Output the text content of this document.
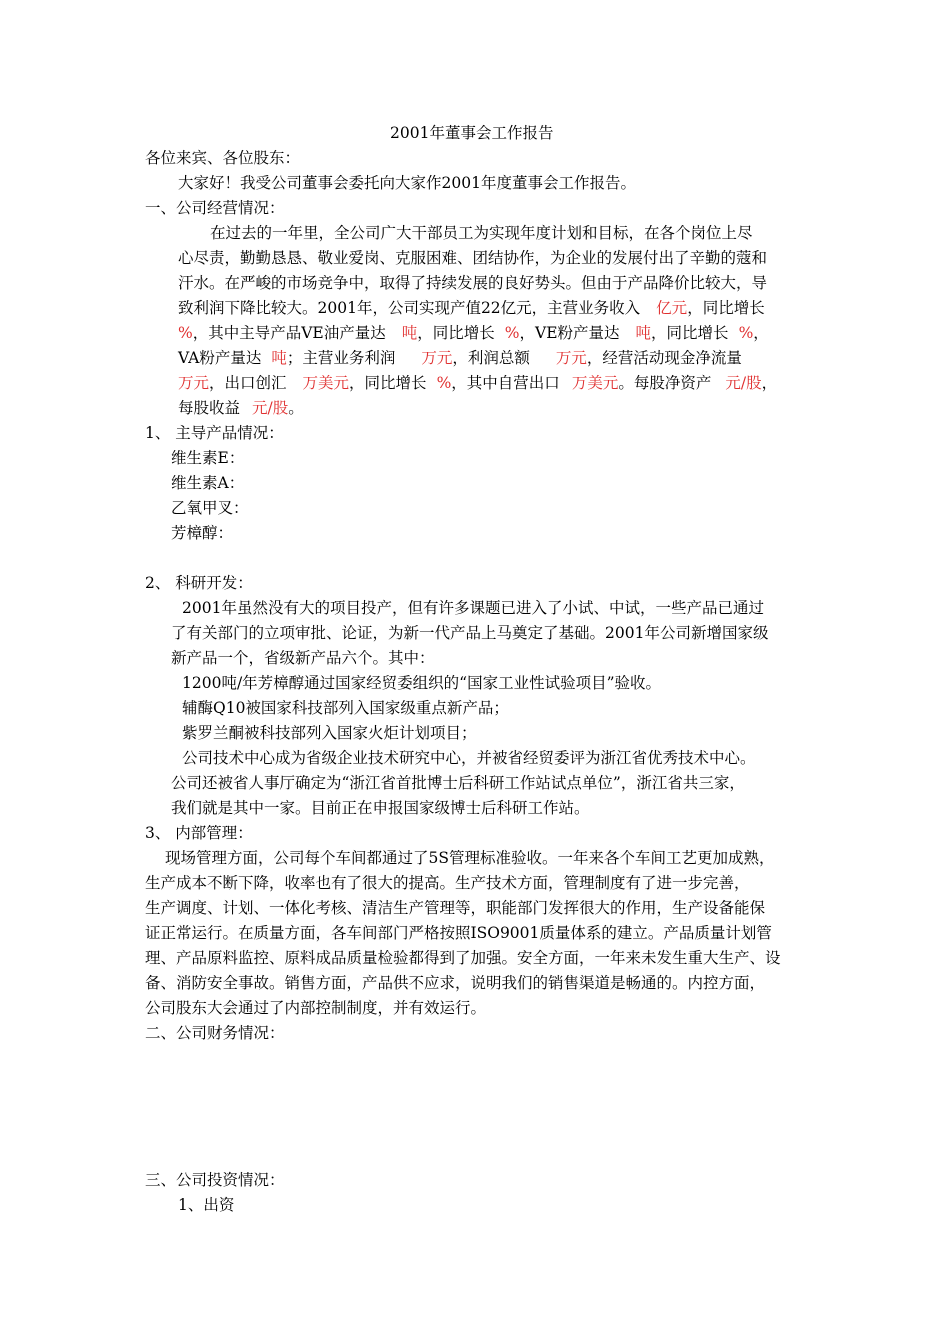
2001年董事会工作报告
各位来宾、各位股东：
大家好！我受公司董事会委托向大家作2001年度董事会工作报告。
一、公司经营情况：
在过去的一年里，全公司广大干部员工为实现年度计划和目标，在各个岗位上尽
心尽责，勤勤恳恳、敬业爱岗、克服困难、团结协作，为企业的发展付出了辛勤的蔻和
汗水。在严峻的市场竞争中，取得了持续发展的良好势头。但由于产品降价比较大，导
致利润下降比较大。2001年，公司实现产值22亿元，主营业务收入 亿元，同比增长
%，其中主导产品VE油产量达 吨，同比增长 %，VE粉产量达 吨，同比增长 %，
VA粉产量达 吨；主营业务利润 万元，利润总额 万元，经营活动现金净流量
万元，出口创汇 万美元，同比增长 %，其中自营出口 万美元。每股净资产 元/股，
每股收益 元/股。
1、 主导产品情况：
维生素E：
维生素A：
乙氧甲叉：
芳樟醇：
2、 科研开发：
2001年虽然没有大的项目投产，但有许多课题已进入了小试、中试，一些产品已通过
了有关部门的立项审批、论证，为新一代产品上马奠定了基础。2001年公司新增国家级
新产品一个，省级新产品六个。其中：
1200吨/年芳樟醇通过国家经贸委组织的“国家工业性试验项目”验收。
辅酶Q10被国家科技部列入国家级重点新产品；
紫罗兰酮被科技部列入国家火炬计划项目；
公司技术中心成为省级企业技术研究中心，并被省经贸委评为浙江省优秀技术中心。
公司还被省人事厅确定为“浙江省首批博士后科研工作站试点单位”，浙江省共三家，
我们就是其中一家。目前正在申报国家级博士后科研工作站。
3、 内部管理：
现场管理方面，公司每个车间都通过了5S管理标准验收。一年来各个车间工艺更加成熟，
生产成本不断下降，收率也有了很大的提高。生产技术方面，管理制度有了进一步完善，
生产调度、计划、一体化考核、清洁生产管理等，职能部门发挥很大的作用，生产设备能保
证正常运行。在质量方面，各车间部门严格按照ISO9001质量体系的建立。产品质量计划管
理、产品原料监控、原料成品质量检验都得到了加强。安全方面，一年来未发生重大生产、设
备、消防安全事故。销售方面，产品供不应求，说明我们的销售渠道是畅通的。内控方面，
公司股东大会通过了内部控制制度，并有效运行。
二、公司财务情况：
三、公司投资情况：
1、出资
